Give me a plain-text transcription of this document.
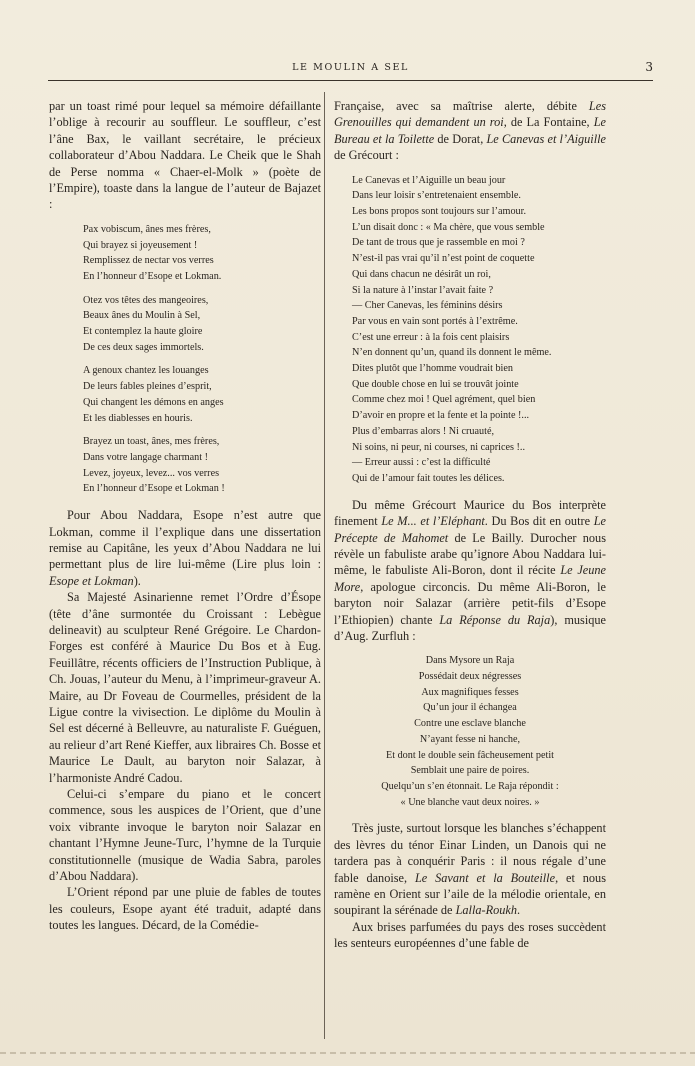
LE MOULIN A SEL	3

par un toast rimé pour lequel sa mémoire défaillante l’oblige à recourir au souffleur. Le souffleur, c’est l’âne Bax, le vaillant secrétaire, le précieux collaborateur d’Abou Naddara. Le Cheik que le Shah de Perse nomma « Chaer-el-Molk » (poète de l’Empire), toaste dans la langue de l’auteur de Bajazet :

Pax vobiscum, ânes mes frères,
Qui brayez si joyeusement !
Remplissez de nectar vos verres
En l’honneur d’Esope et Lokman.
Otez vos têtes des mangeoires,
Beaux ânes du Moulin à Sel,
Et contemplez la haute gloire
De ces deux sages immortels.
A genoux chantez les louanges
De leurs fables pleines d’esprit,
Qui changent les démons en anges
Et les diablesses en houris.
Brayez un toast, ânes, mes frères,
Dans votre langage charmant !
Levez, joyeux, levez... vos verres
En l’honneur d’Esope et Lokman !

Pour Abou Naddara, Esope n’est autre que Lokman, comme il l’explique dans une dissertation remise au Capitâne, les yeux d’Abou Naddara ne lui permettant plus de lire lui-même (Lire plus loin : Esope et Lokman).

Sa Majesté Asinarienne remet l’Ordre d’Ésope (tête d’âne surmontée du Croissant : Lebègue delineavit) au sculpteur René Grégoire. Le Chardon-Forges est conféré à Maurice Du Bos et à Eug. Feuillâtre, récents officiers de l’Instruction Publique, à Ch. Jouas, l’auteur du Menu, à l’imprimeur-graveur A. Maire, au Dr Foveau de Courmelles, président de la Ligue contre la vivisection. Le diplôme du Moulin à Sel est décerné à Belleuvre, au naturaliste F. Guéguen, au relieur d’art René Kieffer, aux libraires Ch. Bosse et Maurice Le Dault, au baryton noir Salazar, à l’harmoniste André Cadou.

Celui-ci s’empare du piano et le concert commence, sous les auspices de l’Orient, que d’une voix vibrante invoque le baryton noir Salazar en chantant l’Hymne Jeune-Turc, l’hymne de la Turquie constitutionnelle (musique de Wadia Sabra, paroles d’Abou Naddara).

L’Orient répond par une pluie de fables de toutes les couleurs, Esope ayant été traduit, adapté dans toutes les langues. Décard, de la Comédie-

Française, avec sa maîtrise alerte, débite Les Grenouilles qui demandent un roi, de La Fontaine, Le Bureau et la Toilette de Dorat, Le Canevas et l’Aiguille de Grécourt :

Le Canevas et l’Aiguille un beau jour
Dans leur loisir s’entretenaient ensemble.
Les bons propos sont toujours sur l’amour.
L’un disait donc : « Ma chère, que vous semble
De tant de trous que je rassemble en moi ?
N’est-il pas vrai qu’il n’est point de coquette
Qui dans chacun ne désirât un roi,
Si la nature à l’instar l’avait faite ?
— Cher Canevas, les féminins désirs
Par vous en vain sont portés à l’extrême.
C’est une erreur : à la fois cent plaisirs
N’en donnent qu’un, quand ils donnent le même.
Dites plutôt que l’homme voudrait bien
Que double chose en lui se trouvât jointe
Comme chez moi ! Quel agrément, quel bien
D’avoir en propre et la fente et la pointe !...
Plus d’embarras alors ! Ni cruauté,
Ni soins, ni peur, ni courses, ni caprices !..
— Erreur aussi : c’est la difficulté
Qui de l’amour fait toutes les délices.

Du même Grécourt Maurice du Bos interprète finement Le M... et l’Eléphant. Du Bos dit en outre Le Précepte de Mahomet de Le Bailly. Durocher nous révèle un fabuliste arabe qu’ignore Abou Naddara lui-même, le fabuliste Ali-Boron, dont il récite Le Jeune More, apologue circoncis. Du même Ali-Boron, le baryton noir Salazar (arrière petit-fils d’Esope l’Ethiopien) chante La Réponse du Raja), musique d’Aug. Zurfluh :

Dans Mysore un Raja
Possédait deux négresses
Aux magnifiques fesses
Qu’un jour il échangea
Contre une esclave blanche
N’ayant fesse ni hanche,
Et dont le double sein fâcheusement petit
Semblait une paire de poires.
Quelqu’un s’en étonnait. Le Raja répondit :
« Une blanche vaut deux noires. »

Très juste, surtout lorsque les blanches s’échappent des lèvres du ténor Einar Linden, un Danois qui ne tardera pas à conquérir Paris : il nous régale d’une fable danoise, Le Savant et la Bouteille, et nous ramène en Orient sur l’aile de la mélodie orientale, en soupirant la sérénade de Lalla-Roukh.

Aux brises parfumées du pays des roses succèdent les senteurs européennes d’une fable de
